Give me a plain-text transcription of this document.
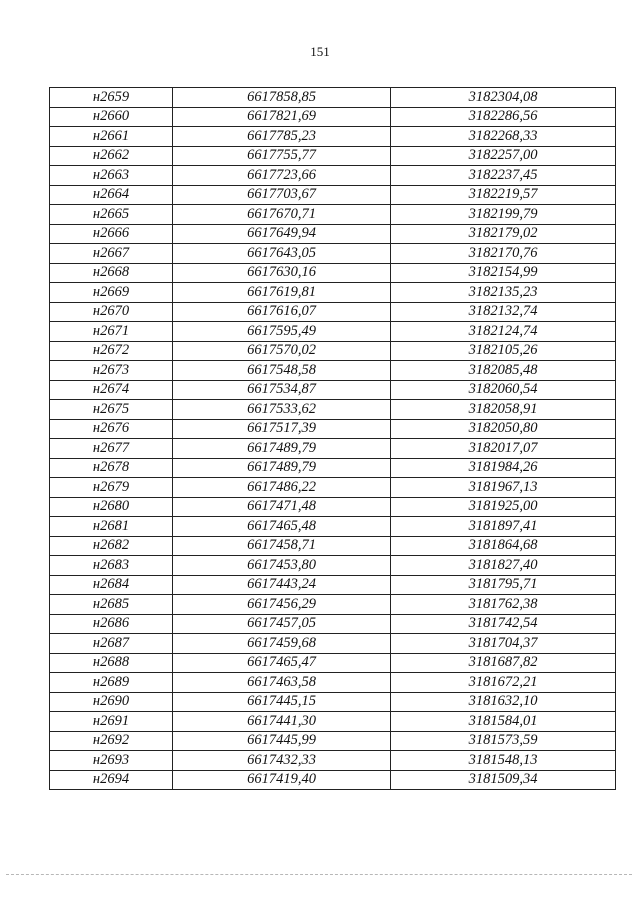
151
н2659	6617858,85	3182304,08
н2660	6617821,69	3182286,56
н2661	6617785,23	3182268,33
н2662	6617755,77	3182257,00
н2663	6617723,66	3182237,45
н2664	6617703,67	3182219,57
н2665	6617670,71	3182199,79
н2666	6617649,94	3182179,02
н2667	6617643,05	3182170,76
н2668	6617630,16	3182154,99
н2669	6617619,81	3182135,23
н2670	6617616,07	3182132,74
н2671	6617595,49	3182124,74
н2672	6617570,02	3182105,26
н2673	6617548,58	3182085,48
н2674	6617534,87	3182060,54
н2675	6617533,62	3182058,91
н2676	6617517,39	3182050,80
н2677	6617489,79	3182017,07
н2678	6617489,79	3181984,26
н2679	6617486,22	3181967,13
н2680	6617471,48	3181925,00
н2681	6617465,48	3181897,41
н2682	6617458,71	3181864,68
н2683	6617453,80	3181827,40
н2684	6617443,24	3181795,71
н2685	6617456,29	3181762,38
н2686	6617457,05	3181742,54
н2687	6617459,68	3181704,37
н2688	6617465,47	3181687,82
н2689	6617463,58	3181672,21
н2690	6617445,15	3181632,10
н2691	6617441,30	3181584,01
н2692	6617445,99	3181573,59
н2693	6617432,33	3181548,13
н2694	6617419,40	3181509,34
